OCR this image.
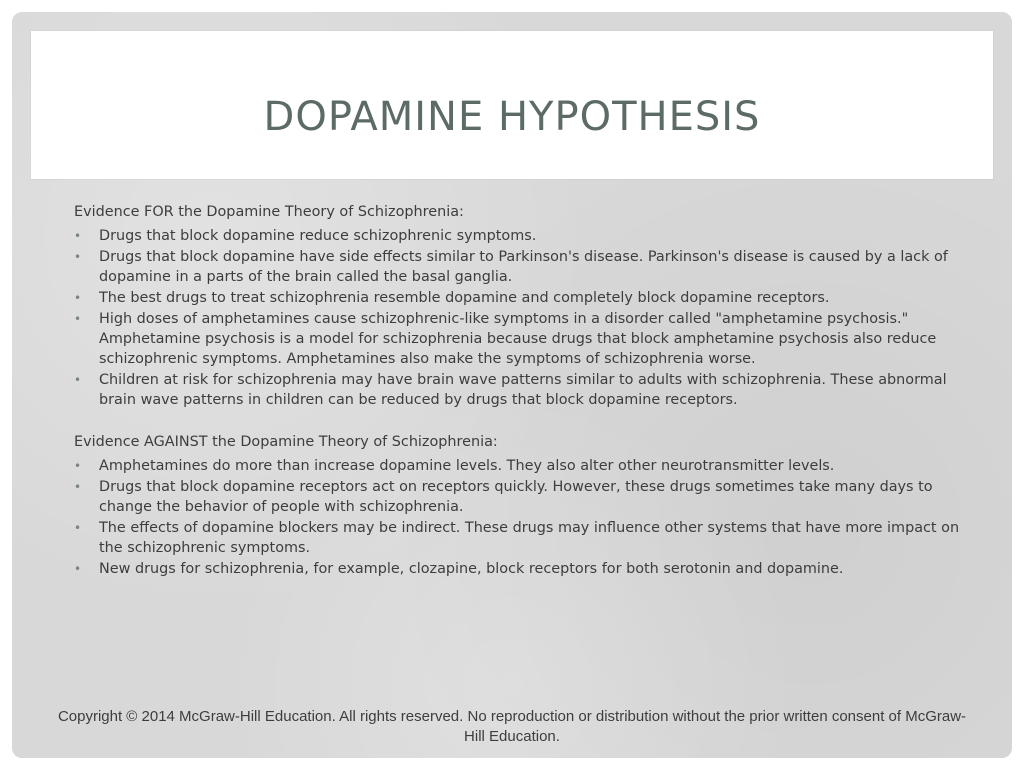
DOPAMINE HYPOTHESIS
Evidence FOR the Dopamine Theory of Schizophrenia:
• Drugs that block dopamine reduce schizophrenic symptoms.
• Drugs that block dopamine have side effects similar to Parkinson's disease. Parkinson's disease is caused by a lack of dopamine in a parts of the brain called the basal ganglia.
• The best drugs to treat schizophrenia resemble dopamine and completely block dopamine receptors.
• High doses of amphetamines cause schizophrenic-like symptoms in a disorder called "amphetamine psychosis." Amphetamine psychosis is a model for schizophrenia because drugs that block amphetamine psychosis also reduce schizophrenic symptoms. Amphetamines also make the symptoms of schizophrenia worse.
• Children at risk for schizophrenia may have brain wave patterns similar to adults with schizophrenia. These abnormal brain wave patterns in children can be reduced by drugs that block dopamine receptors.
Evidence AGAINST the Dopamine Theory of Schizophrenia:
• Amphetamines do more than increase dopamine levels. They also alter other neurotransmitter levels.
• Drugs that block dopamine receptors act on receptors quickly. However, these drugs sometimes take many days to change the behavior of people with schizophrenia.
• The effects of dopamine blockers may be indirect. These drugs may influence other systems that have more impact on the schizophrenic symptoms.
• New drugs for schizophrenia, for example, clozapine, block receptors for both serotonin and dopamine.
Copyright © 2014 McGraw-Hill Education. All rights reserved. No reproduction or distribution without the prior written consent of McGraw-Hill Education.
